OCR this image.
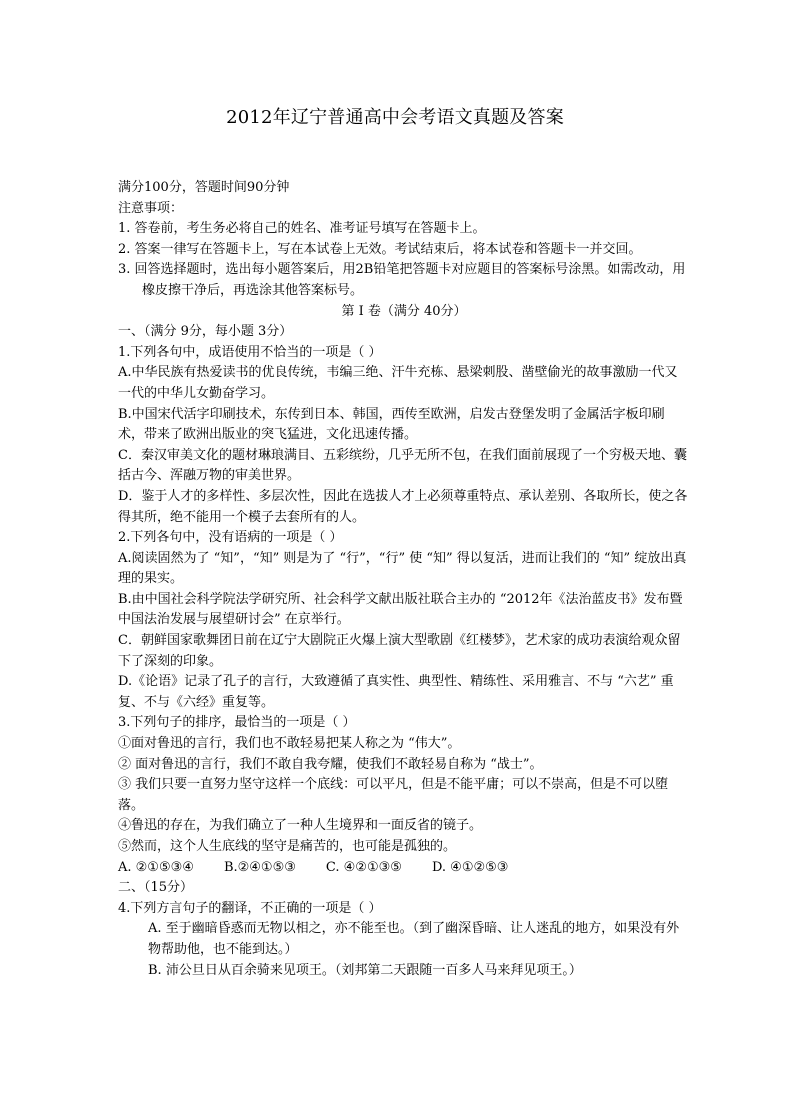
2012年辽宁普通高中会考语文真题及答案

满分100分，答题时间90分钟

注意事项：

1. 答卷前，考生务必将自己的姓名、准考证号填写在答题卡上。

2. 答案一律写在答题卡上，写在本试卷上无效。考试结束后，将本试卷和答题卡一并交回。

3. 回答选择题时，选出每小题答案后，用2B铅笔把答题卡对应题目的答案标号涂黑。如需改动，用橡皮擦干净后，再选涂其他答案标号。

第 I 卷（满分 40分）

一、（满分 9分，每小题 3分）

1.下列各句中，成语使用不恰当的一项是（ ）

A.中华民族有热爱读书的优良传统，韦编三绝、汗牛充栋、悬梁刺股、凿壁偷光的故事激励一代又一代的中华儿女勤奋学习。

B.中国宋代活字印刷技术，东传到日本、韩国，西传至欧洲，启发古登堡发明了金属活字板印刷术，带来了欧洲出版业的突飞猛进，文化迅速传播。

C．秦汉审美文化的题材琳琅满目、五彩缤纷，几乎无所不包，在我们面前展现了一个穷极天地、囊括古今、浑融万物的审美世界。

D．鉴于人才的多样性、多层次性，因此在选拔人才上必须尊重特点、承认差别、各取所长，使之各得其所，绝不能用一个模子去套所有的人。

2.下列各句中，没有语病的一项是（ ）

A.阅读固然为了 “知”，“知” 则是为了 “行”，“行” 使 “知” 得以复活，进而让我们的 “知” 绽放出真理的果实。

B.由中国社会科学院法学研究所、社会科学文献出版社联合主办的 “2012年《法治蓝皮书》发布暨中国法治发展与展望研讨会” 在京举行。

C．朝鲜国家歌舞团日前在辽宁大剧院正火爆上演大型歌剧《红楼梦》，艺术家的成功表演给观众留下了深刻的印象。

D.《论语》记录了孔子的言行，大致遵循了真实性、典型性、精练性、采用雅言、不与 “六艺” 重复、不与《六经》重复等。

3.下列句子的排序，最恰当的一项是（ ）

①面对鲁迅的言行，我们也不敢轻易把某人称之为 “伟大”。

② 面对鲁迅的言行，我们不敢自我夸耀，使我们不敢轻易自称为 “战士”。

③ 我们只要一直努力坚守这样一个底线：可以平凡，但是不能平庸；可以不崇高，但是不可以堕落。

④鲁迅的存在，为我们确立了一种人生境界和一面反省的镜子。

⑤然而，这个人生底线的坚守是痛苦的，也可能是孤独的。

A. ②①⑤③④ B.②④①⑤③ C. ④②①③⑤ D. ④①②⑤③

二、（15分）

4.下列方言句子的翻译，不正确的一项是（ ）

A. 至于幽暗昏惑而无物以相之，亦不能至也。（到了幽深昏暗、让人迷乱的地方，如果没有外物帮助他，也不能到达。）

B. 沛公旦日从百余骑来见项王。（刘邦第二天跟随一百多人马来拜见项王。）
